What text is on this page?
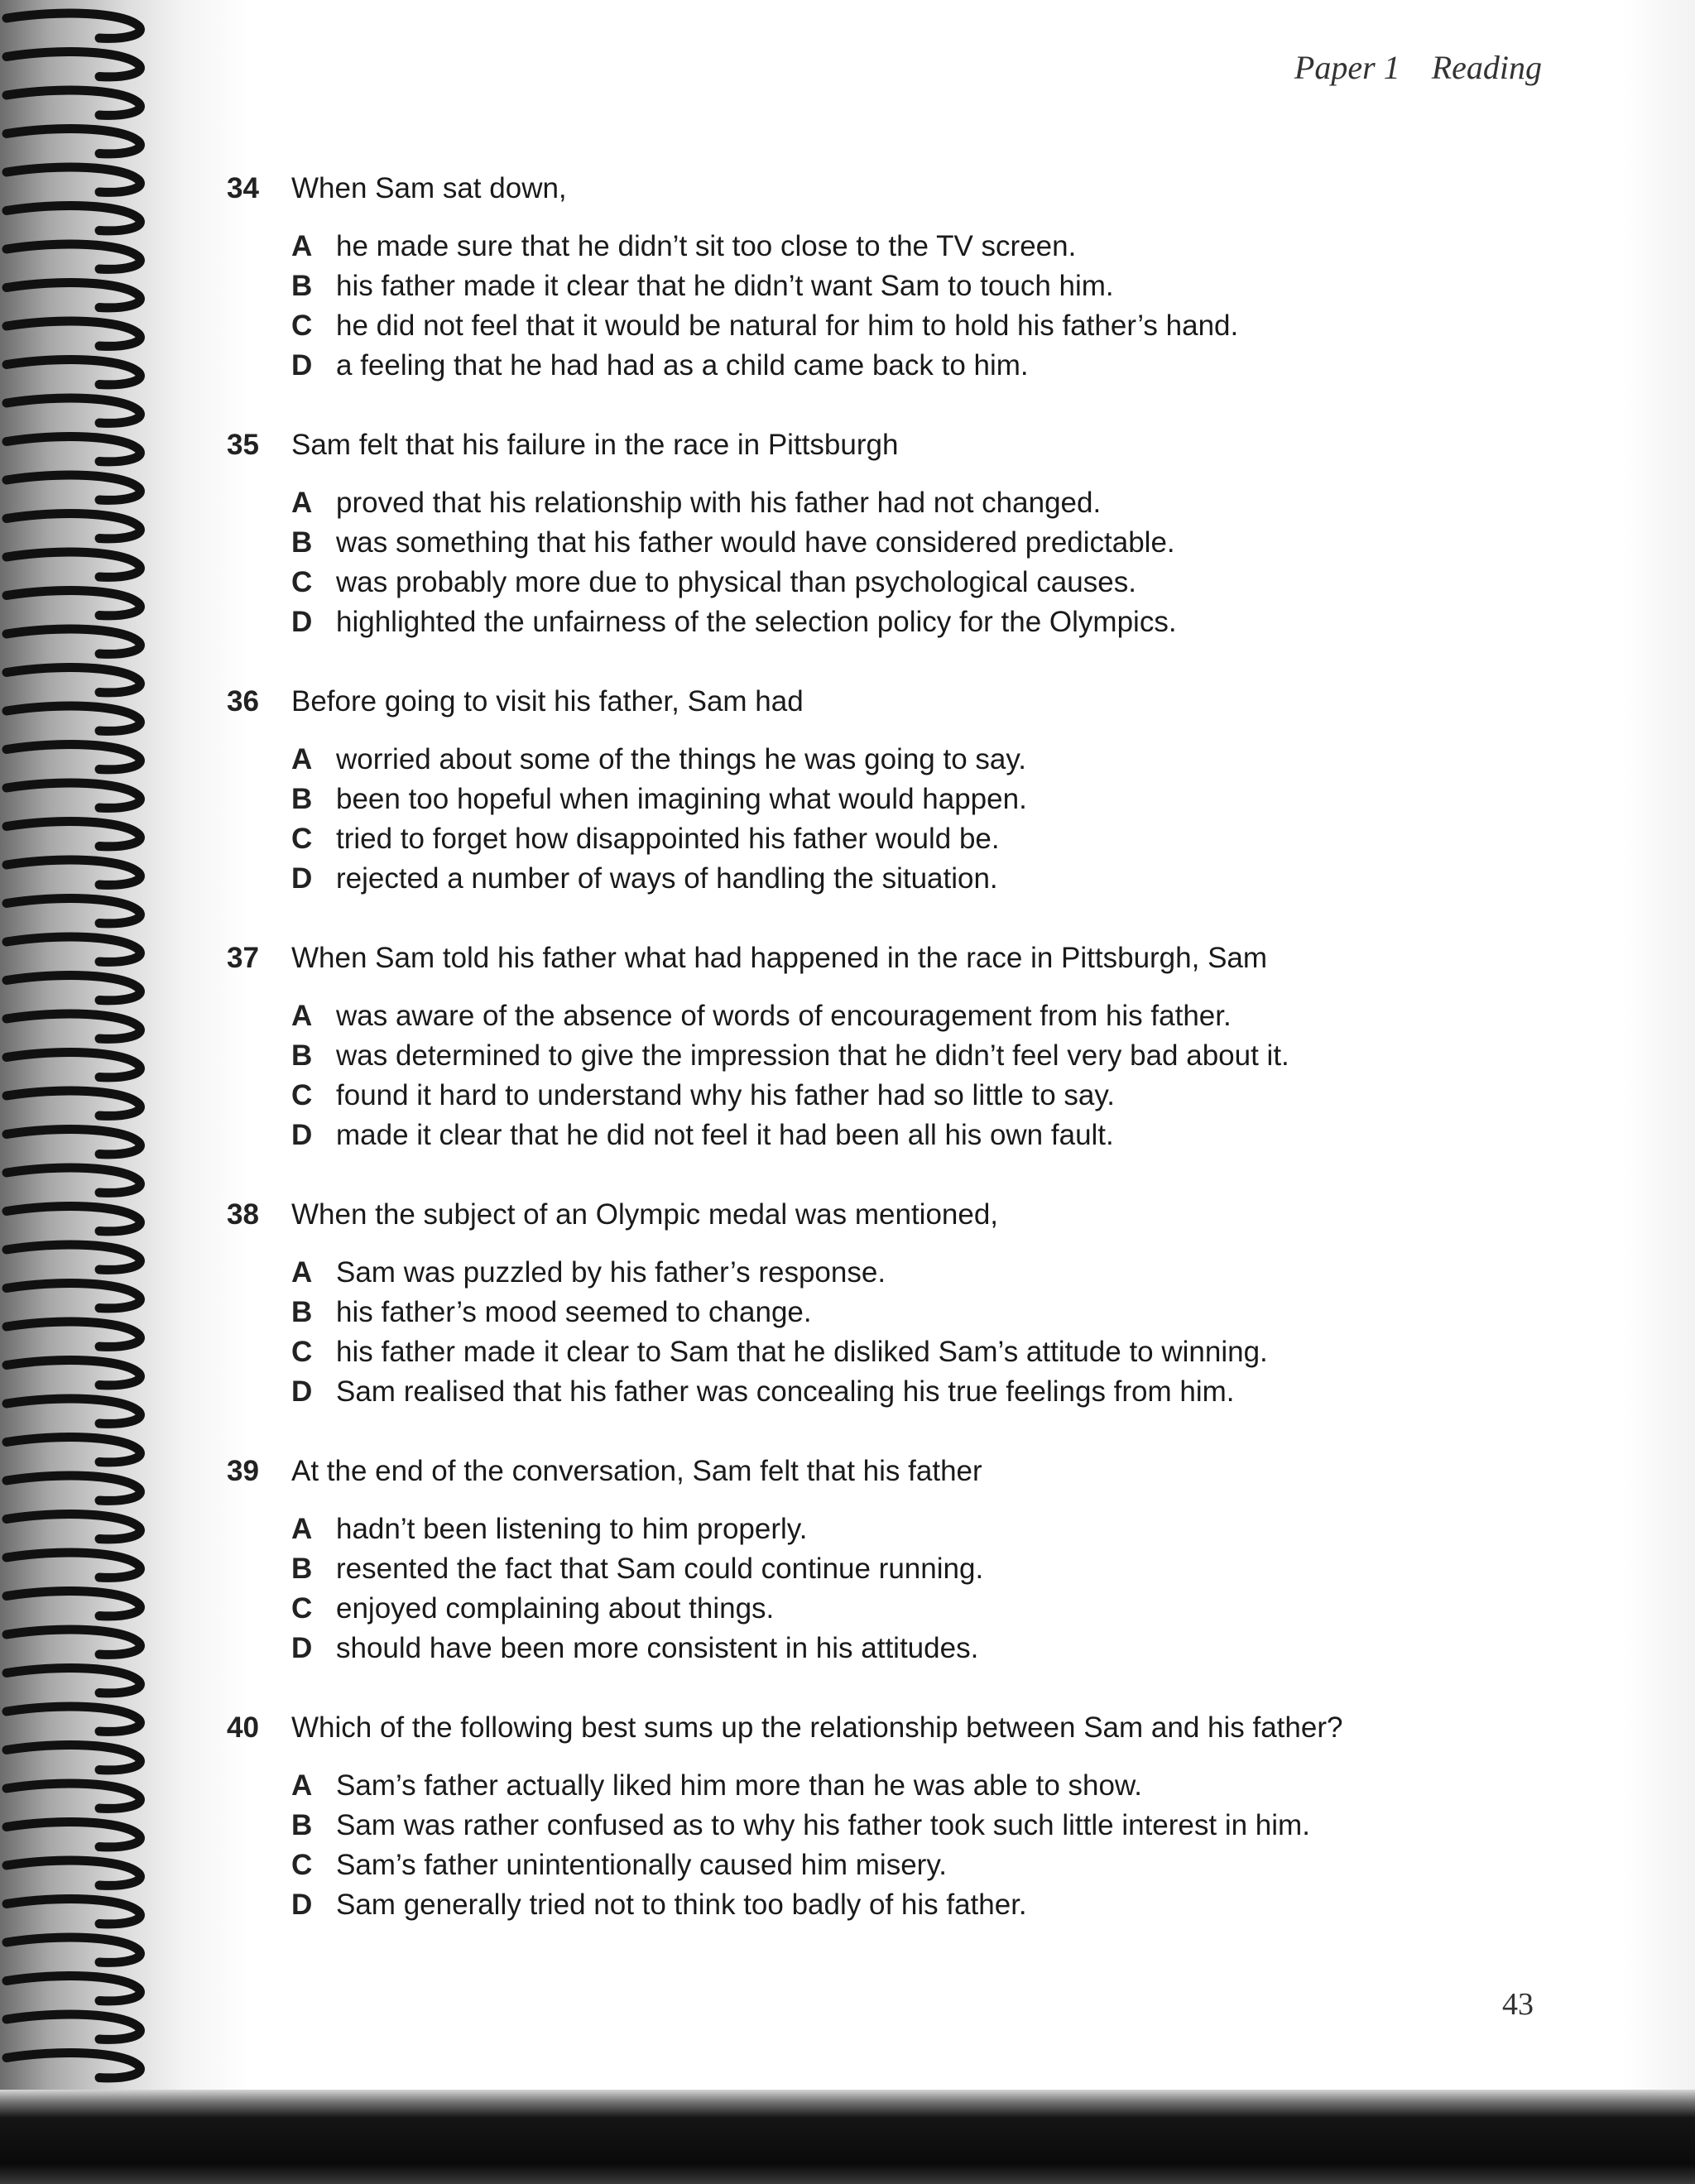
Paper 1 Reading
34 When Sam sat down,
A he made sure that he didn’t sit too close to the TV screen.
B his father made it clear that he didn’t want Sam to touch him.
C he did not feel that it would be natural for him to hold his father’s hand.
D a feeling that he had had as a child came back to him.
35 Sam felt that his failure in the race in Pittsburgh
A proved that his relationship with his father had not changed.
B was something that his father would have considered predictable.
C was probably more due to physical than psychological causes.
D highlighted the unfairness of the selection policy for the Olympics.
36 Before going to visit his father, Sam had
A worried about some of the things he was going to say.
B been too hopeful when imagining what would happen.
C tried to forget how disappointed his father would be.
D rejected a number of ways of handling the situation.
37 When Sam told his father what had happened in the race in Pittsburgh, Sam
A was aware of the absence of words of encouragement from his father.
B was determined to give the impression that he didn’t feel very bad about it.
C found it hard to understand why his father had so little to say.
D made it clear that he did not feel it had been all his own fault.
38 When the subject of an Olympic medal was mentioned,
A Sam was puzzled by his father’s response.
B his father’s mood seemed to change.
C his father made it clear to Sam that he disliked Sam’s attitude to winning.
D Sam realised that his father was concealing his true feelings from him.
39 At the end of the conversation, Sam felt that his father
A hadn’t been listening to him properly.
B resented the fact that Sam could continue running.
C enjoyed complaining about things.
D should have been more consistent in his attitudes.
40 Which of the following best sums up the relationship between Sam and his father?
A Sam’s father actually liked him more than he was able to show.
B Sam was rather confused as to why his father took such little interest in him.
C Sam’s father unintentionally caused him misery.
D Sam generally tried not to think too badly of his father.
43
